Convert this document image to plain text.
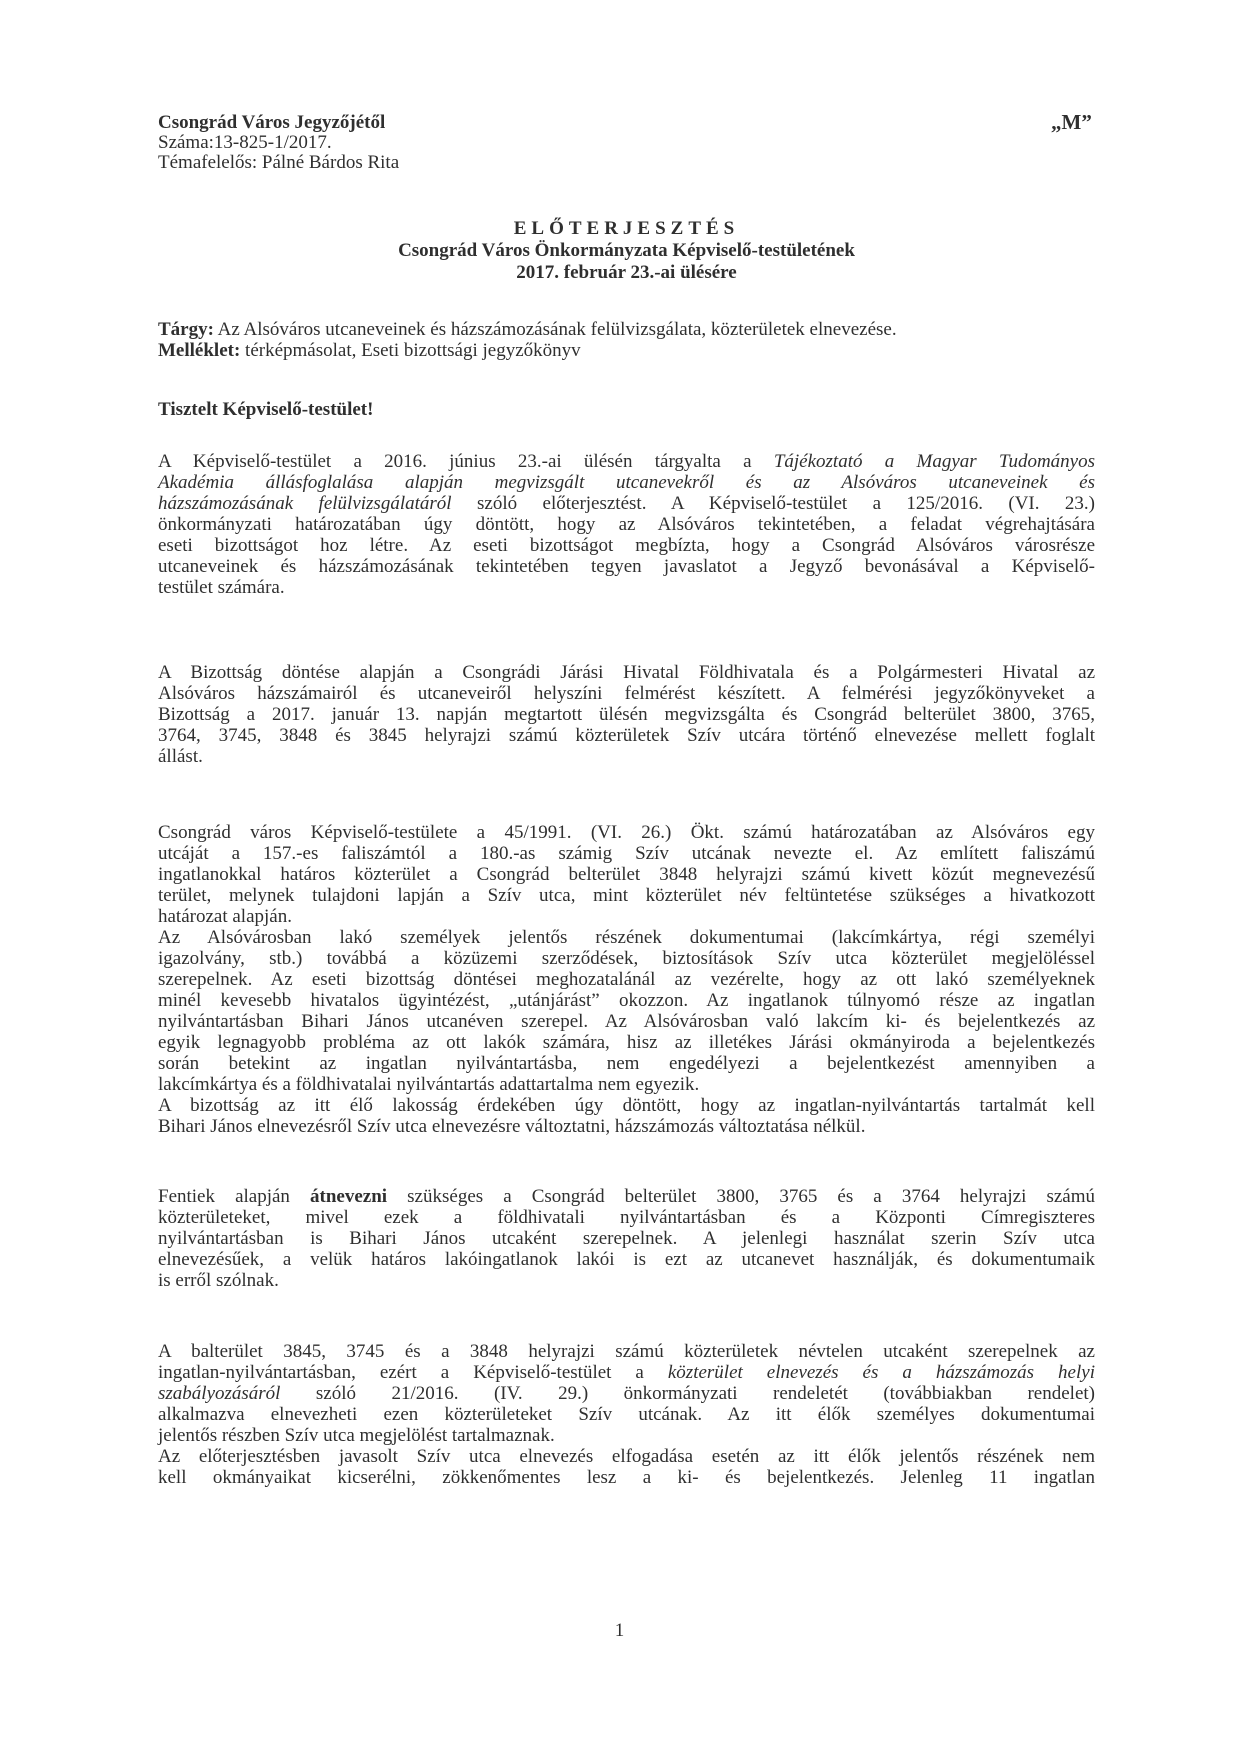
Csongrád Város Jegyzőjétől
Száma:13-825-1/2017.
Témafelelős: Pálné Bárdos Rita
„M”
ELŐTERJESZTÉS
Csongrád Város Önkormányzata Képviselő-testületének
2017. február 23.-ai ülésére
Tárgy: Az Alsóváros utcaneveinek és házszámozásának felülvizsgálata, közterületek elnevezése.
Melléklet: térképmásolat, Eseti bizottsági jegyzőkönyv
Tisztelt Képviselő-testület!
A Képviselő-testület a 2016. június 23.-ai ülésén tárgyalta a Tájékoztató a Magyar Tudományos
Akadémia állásfoglalása alapján megvizsgált utcanevekről és az Alsóváros utcaneveinek és
házszámozásának felülvizsgálatáról szóló előterjesztést. A Képviselő-testület a 125/2016. (VI. 23.)
önkormányzati határozatában úgy döntött, hogy az Alsóváros tekintetében, a feladat végrehajtására
eseti bizottságot hoz létre. Az eseti bizottságot megbízta, hogy a Csongrád Alsóváros városrésze
utcaneveinek és házszámozásának tekintetében tegyen javaslatot a Jegyző bevonásával a Képviselő-
testület számára.
A Bizottság döntése alapján a Csongrádi Járási Hivatal Földhivatala és a Polgármesteri Hivatal az
Alsóváros házszámairól és utcaneveiről helyszíni felmérést készített. A felmérési jegyzőkönyveket a
Bizottság a 2017. január 13. napján megtartott ülésén megvizsgálta és Csongrád belterület 3800, 3765,
3764, 3745, 3848 és 3845 helyrajzi számú közterületek Szív utcára történő elnevezése mellett foglalt
állást.
Csongrád város Képviselő-testülete a 45/1991. (VI. 26.) Ökt. számú határozatában az Alsóváros egy
utcáját a 157.-es faliszámtól a 180.-as számig Szív utcának nevezte el. Az említett faliszámú
ingatlanokkal határos közterület a Csongrád belterület 3848 helyrajzi számú kivett közút megnevezésű
terület, melynek tulajdoni lapján a Szív utca, mint közterület név feltüntetése szükséges a hivatkozott
határozat alapján.
Az Alsóvárosban lakó személyek jelentős részének dokumentumai (lakcímkártya, régi személyi
igazolvány, stb.) továbbá a közüzemi szerződések, biztosítások Szív utca közterület megjelöléssel
szerepelnek. Az eseti bizottság döntései meghozatalánál az vezérelte, hogy az ott lakó személyeknek
minél kevesebb hivatalos ügyintézést, „utánjárást” okozzon. Az ingatlanok túlnyomó része az ingatlan
nyilvántartásban Bihari János utcanéven szerepel. Az Alsóvárosban való lakcím ki- és bejelentkezés az
egyik legnagyobb probléma az ott lakók számára, hisz az illetékes Járási okmányiroda a bejelentkezés
során betekint az ingatlan nyilvántartásba, nem engedélyezi a bejelentkezést amennyiben a
lakcímkártya és a földhivatalai nyilvántartás adattartalma nem egyezik.
A bizottság az itt élő lakosság érdekében úgy döntött, hogy az ingatlan-nyilvántartás tartalmát kell
Bihari János elnevezésről Szív utca elnevezésre változtatni, házszámozás változtatása nélkül.
Fentiek alapján átnevezni szükséges a Csongrád belterület 3800, 3765 és a 3764 helyrajzi számú
közterületeket, mivel ezek a földhivatali nyilvántartásban és a Központi Címregiszteres
nyilvántartásban is Bihari János utcaként szerepelnek. A jelenlegi használat szerin Szív utca
elnevezésűek, a velük határos lakóingatlanok lakói is ezt az utcanevet használják, és dokumentumaik
is erről szólnak.
A balterület 3845, 3745 és a 3848 helyrajzi számú közterületek névtelen utcaként szerepelnek az
ingatlan-nyilvántartásban, ezért a Képviselő-testület a közterület elnevezés és a házszámozás helyi
szabályozásáról szóló 21/2016. (IV. 29.) önkormányzati rendeletét (továbbiakban rendelet)
alkalmazva elnevezheti ezen közterületeket Szív utcának. Az itt élők személyes dokumentumai
jelentős részben Szív utca megjelölést tartalmaznak.
Az előterjesztésben javasolt Szív utca elnevezés elfogadása esetén az itt élők jelentős részének nem
kell okmányaikat kicserélni, zökkenőmentes lesz a ki- és bejelentkezés. Jelenleg 11 ingatlan
1
